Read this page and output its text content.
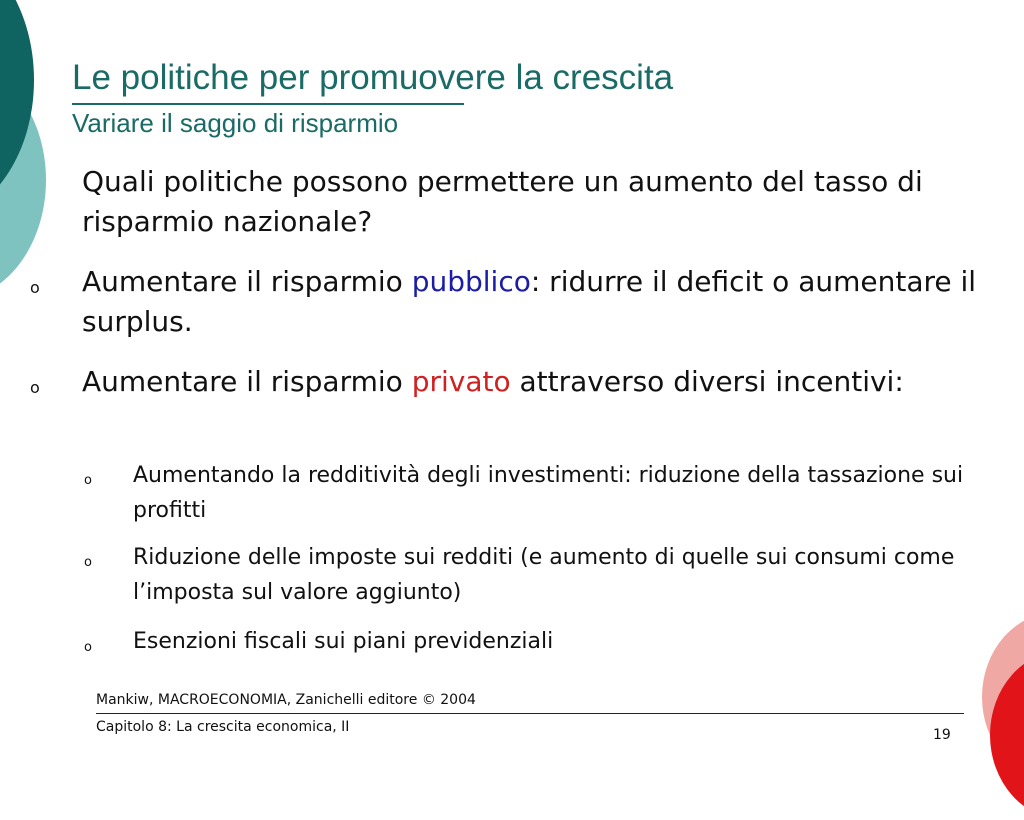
Le politiche per promuovere la crescita
Variare il saggio di risparmio
Quali politiche possono permettere un aumento del tasso di risparmio nazionale?
o Aumentare il risparmio pubblico: ridurre il deficit o aumentare il surplus.
o Aumentare il risparmio privato attraverso diversi incentivi:
o Aumentando la redditività degli investimenti: riduzione della tassazione sui profitti
o Riduzione delle imposte sui redditi (e aumento di quelle sui consumi come l’imposta sul valore aggiunto)
o Esenzioni fiscali sui piani previdenziali
Mankiw, MACROECONOMIA, Zanichelli editore © 2004
Capitolo 8: La crescita economica, II	19
